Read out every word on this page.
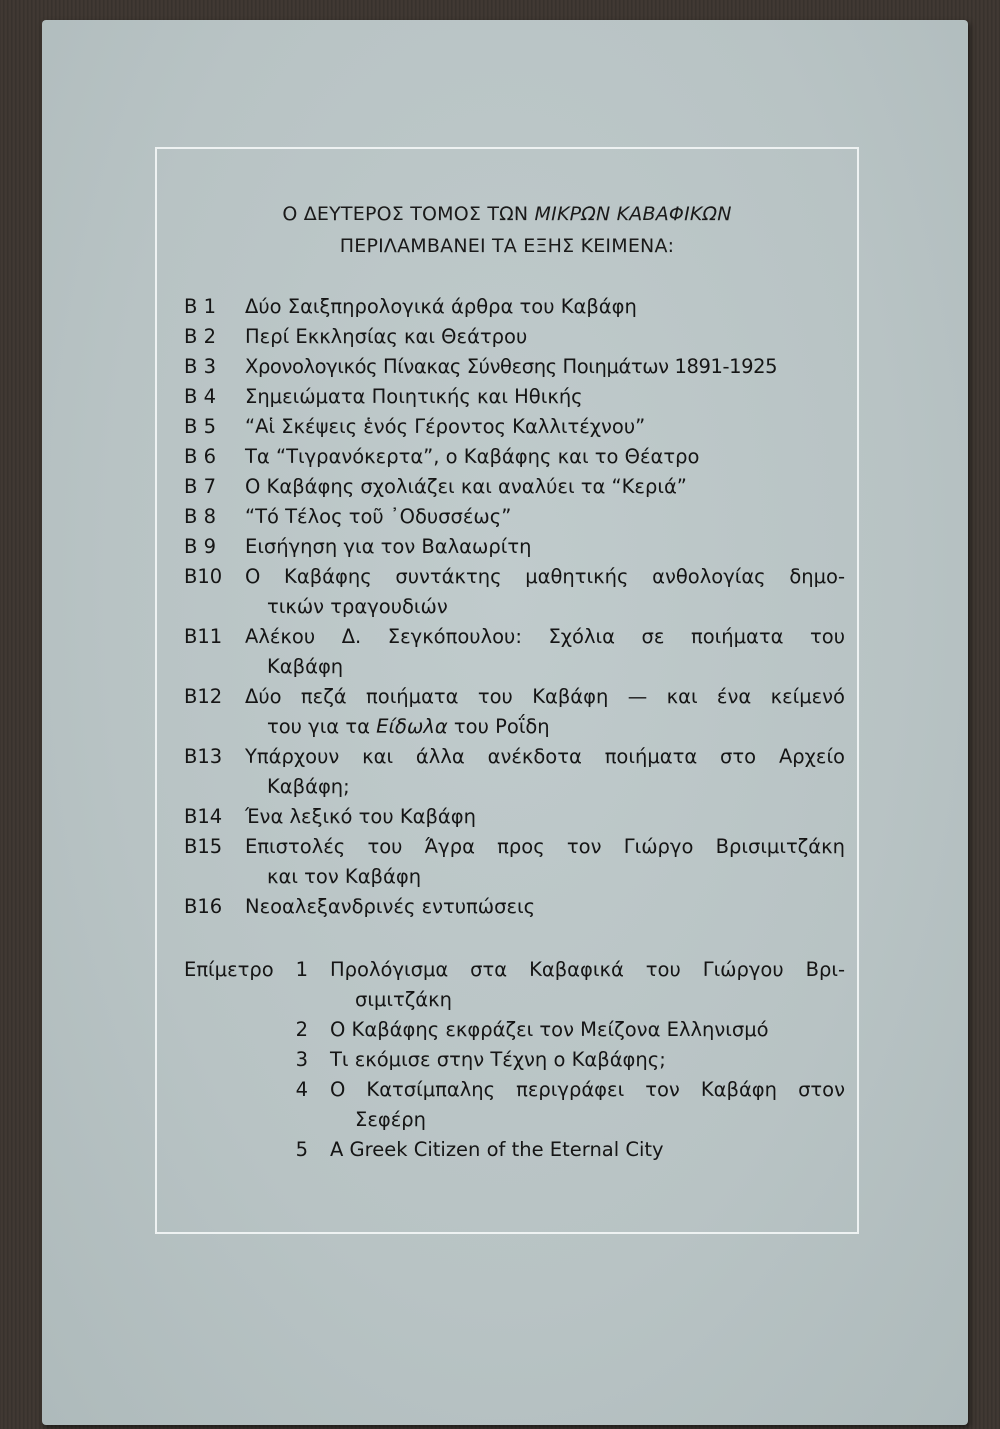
Ο ΔΕΥΤΕΡΟΣ ΤΟΜΟΣ ΤΩΝ ΜΙΚΡΩΝ ΚΑΒΑΦΙΚΩΝ
ΠΕΡΙΛΑΜΒΑΝΕΙ ΤΑ ΕΞΗΣ ΚΕΙΜΕΝΑ:
Β 1 Δύο Σαιξπηρολογικά άρθρα του Καβάφη
Β 2 Περί Εκκλησίας και Θεάτρου
Β 3 Χρονολογικός Πίνακας Σύνθεσης Ποιημάτων 1891-1925
Β 4 Σημειώματα Ποιητικής και Ηθικής
Β 5 “Αἱ Σκέψεις ἑνός Γέροντος Καλλιτέχνου”
Β 6 Τα “Τιγρανόκερτα”, ο Καβάφης και το Θέατρο
Β 7 Ο Καβάφης σχολιάζει και αναλύει τα “Κεριά”
Β 8 “Τό Τέλος τοῦ ᾽Οδυσσέως”
Β 9 Εισήγηση για τον Βαλαωρίτη
Β10 Ο Καβάφης συντάκτης μαθητικής ανθολογίας δημο-
τικών τραγουδιών
Β11 Αλέκου Δ. Σεγκόπουλου: Σχόλια σε ποιήματα του
Καβάφη
Β12 Δύο πεζά ποιήματα του Καβάφη — και ένα κείμενό
του για τα Είδωλα του Ροΐδη
Β13 Υπάρχουν και άλλα ανέκδοτα ποιήματα στο Αρχείο
Καβάφη;
Β14 Ένα λεξικό του Καβάφη
Β15 Επιστολές του Άγρα προς τον Γιώργο Βρισιμιτζάκη
και τον Καβάφη
Β16 Νεοαλεξανδρινές εντυπώσεις
Επίμετρο	1 Προλόγισμα στα Καβαφικά του Γιώργου Βρι-
σιμιτζάκη
2 Ο Καβάφης εκφράζει τον Μείζονα Ελληνισμό
3 Τι εκόμισε στην Τέχνη ο Καβάφης;
4 Ο Κατσίμπαλης περιγράφει τον Καβάφη στον
Σεφέρη
5 A Greek Citizen of the Eternal City
